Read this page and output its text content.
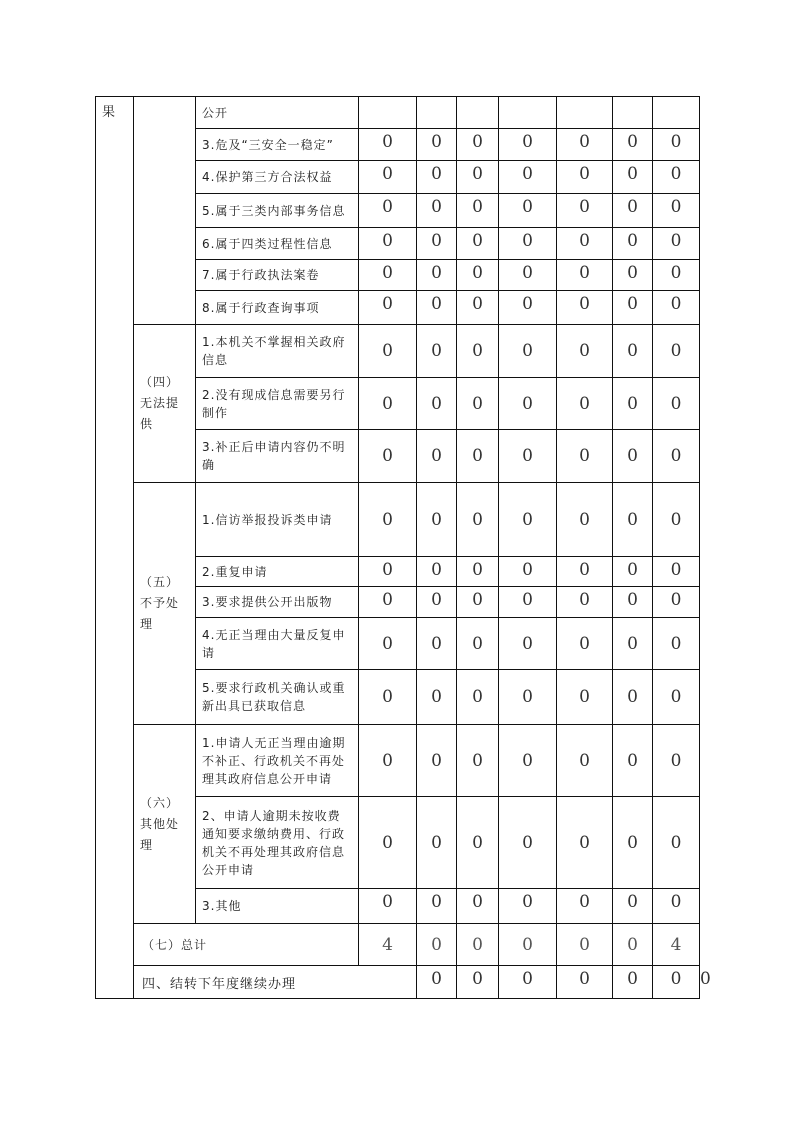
果		公开								
		3.危及“三安全一稳定”	0	0	0	0	0	0	0	
		4.保护第三方合法权益	0	0	0	0	0	0	0	
		5.属于三类内部事务信息	0	0	0	0	0	0	0	
		6.属于四类过程性信息	0	0	0	0	0	0	0	
		7.属于行政执法案卷	0	0	0	0	0	0	0	
		8.属于行政查询事项	0	0	0	0	0	0	0	
	（四）无法提供	1.本机关不掌握相关政府信息	0	0	0	0	0	0	0	
		2.没有现成信息需要另行制作	0	0	0	0	0	0	0	
		3.补正后申请内容仍不明确	0	0	0	0	0	0	0	
	（五）不予处理	1.信访举报投诉类申请	0	0	0	0	0	0	0	
		2.重复申请	0	0	0	0	0	0	0	
		3.要求提供公开出版物	0	0	0	0	0	0	0	
		4.无正当理由大量反复申请	0	0	0	0	0	0	0	
		5.要求行政机关确认或重新出具已获取信息	0	0	0	0	0	0	0	
	（六）其他处理	1.申请人无正当理由逾期不补正、行政机关不再处理其政府信息公开申请	0	0	0	0	0	0	0	
		2、申请人逾期未按收费通知要求缴纳费用、行政机关不再处理其政府信息公开申请	0	0	0	0	0	0	0	
		3.其他	0	0	0	0	0	0	0	
	（七）总计		4	0	0	0	0	0	4	
	四、结转下年度继续办理			0	0	0	0	0	0	0
